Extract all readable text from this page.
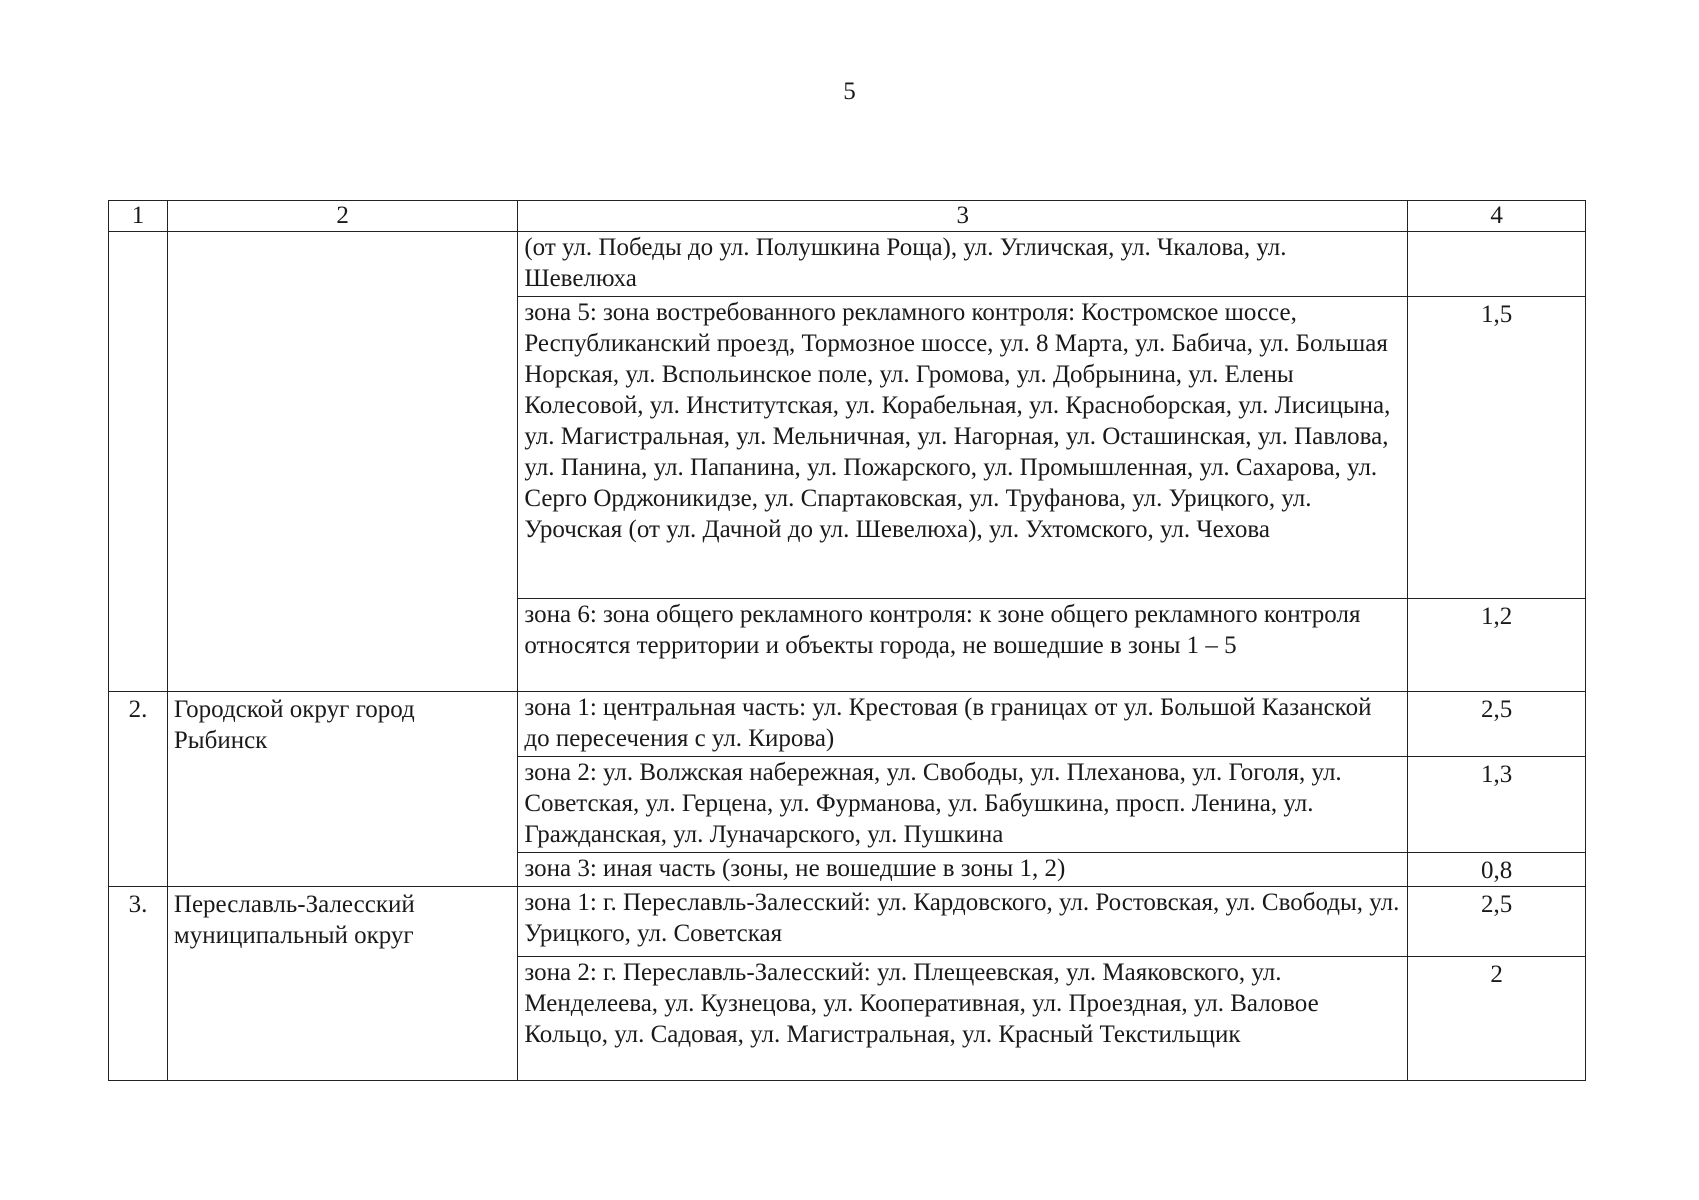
5
1	2	3	4
		(от ул. Победы до ул. Полушкина Роща), ул. Угличская, ул. Чкалова, ул. Шевелюха	
		зона 5: зона востребованного рекламного контроля: Костромское шоссе, Республиканский проезд, Тормозное шоссе, ул. 8 Марта, ул. Бабича, ул. Большая Норская, ул. Вспольинское поле, ул. Громова, ул. Добрынина, ул. Елены Колесовой, ул. Институтская, ул. Корабельная, ул. Красноборская, ул. Лисицына, ул. Магистральная, ул. Мельничная, ул. Нагорная, ул. Осташинская, ул. Павлова, ул. Панина, ул. Папанина, ул. Пожарского, ул. Промышленная, ул. Сахарова, ул. Серго Орджоникидзе, ул. Спартаковская, ул. Труфанова, ул. Урицкого, ул. Урочская (от ул. Дачной до ул. Шевелюха), ул. Ухтомского, ул. Чехова	1,5
		зона 6: зона общего рекламного контроля: к зоне общего рекламного контроля относятся территории и объекты города, не вошедшие в зоны 1 – 5	1,2
2.	Городской округ город Рыбинск	зона 1: центральная часть: ул. Крестовая (в границах от ул. Большой Казанской до пересечения с ул. Кирова)	2,5
		зона 2: ул. Волжская набережная, ул. Свободы, ул. Плеханова, ул. Гоголя, ул. Советская, ул. Герцена, ул. Фурманова, ул. Бабушкина, просп. Ленина, ул. Гражданская, ул. Луначарского, ул. Пушкина	1,3
		зона 3: иная часть (зоны, не вошедшие в зоны 1, 2)	0,8
3.	Переславль-Залесский муниципальный округ	зона 1: г. Переславль-Залесский: ул. Кардовского, ул. Ростовская, ул. Свободы, ул. Урицкого, ул. Советская	2,5
		зона 2: г. Переславль-Залесский: ул. Плещеевская, ул. Маяковского, ул. Менделеева, ул. Кузнецова, ул. Кооперативная, ул. Проездная, ул. Валовое Кольцо, ул. Садовая, ул. Магистральная, ул. Красный Текстильщик	2
